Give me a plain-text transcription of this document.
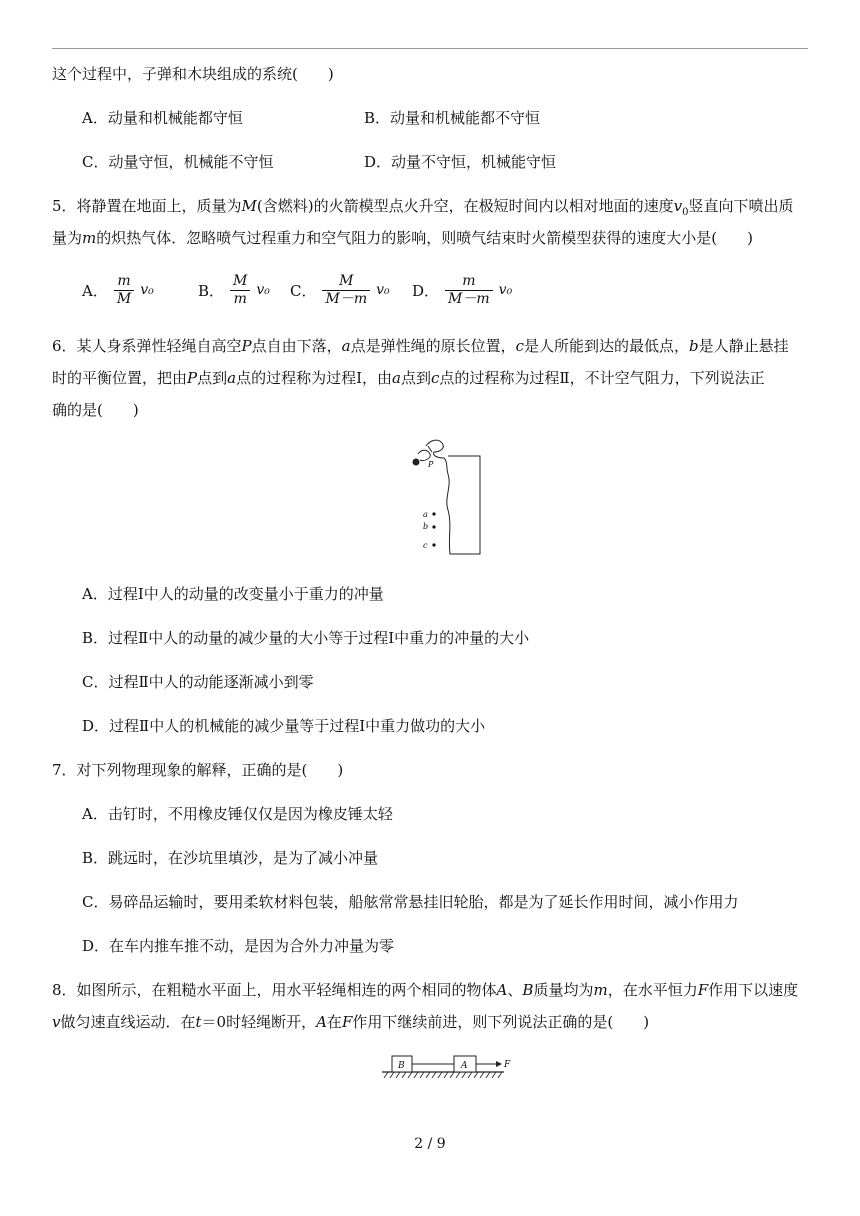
这个过程中，子弹和木块组成的系统(　　)
A．动量和机械能都守恒	B．动量和机械能都不守恒
C．动量守恒，机械能不守恒	D．动量不守恒，机械能守恒
5．将静置在地面上，质量为M(含燃料)的火箭模型点火升空，在极短时间内以相对地面的速度$v_0$竖直向下喷出质
量为m的炽热气体．忽略喷气过程重力和空气阻力的影响，则喷气结束时火箭模型获得的速度大小是(　　)
A． $\frac{m}{M} v_0$	B． $\frac{M}{m} v_0$ C． $\frac{M}{M-m} v_0$ D． $\frac{m}{M-m} v_0$
6．某人身系弹性轻绳自高空P点自由下落，a点是弹性绳的原长位置，c是人所能到达的最低点，b是人静止悬挂
时的平衡位置，把由P点到a点的过程称为过程Ⅰ，由a点到c点的过程称为过程Ⅱ，不计空气阻力，下列说法正
确的是(　　)
P
a
b
c
A．过程Ⅰ中人的动量的改变量小于重力的冲量
B．过程Ⅱ中人的动量的减少量的大小等于过程Ⅰ中重力的冲量的大小
C．过程Ⅱ中人的动能逐渐减小到零
D．过程Ⅱ中人的机械能的减少量等于过程Ⅰ中重力做功的大小
7．对下列物理现象的解释，正确的是(　　)
A．击钉时，不用橡皮锤仅仅是因为橡皮锤太轻
B．跳远时，在沙坑里填沙，是为了减小冲量
C．易碎品运输时，要用柔软材料包装，船舷常常悬挂旧轮胎，都是为了延长作用时间，减小作用力
D．在车内推车推不动，是因为合外力冲量为零
8．如图所示，在粗糙水平面上，用水平轻绳相连的两个相同的物体A、B质量均为m，在水平恒力F作用下以速度
v做匀速直线运动．在t＝0时轻绳断开，A在F作用下继续前进，则下列说法正确的是(　　)
B	A	F
2 / 9
